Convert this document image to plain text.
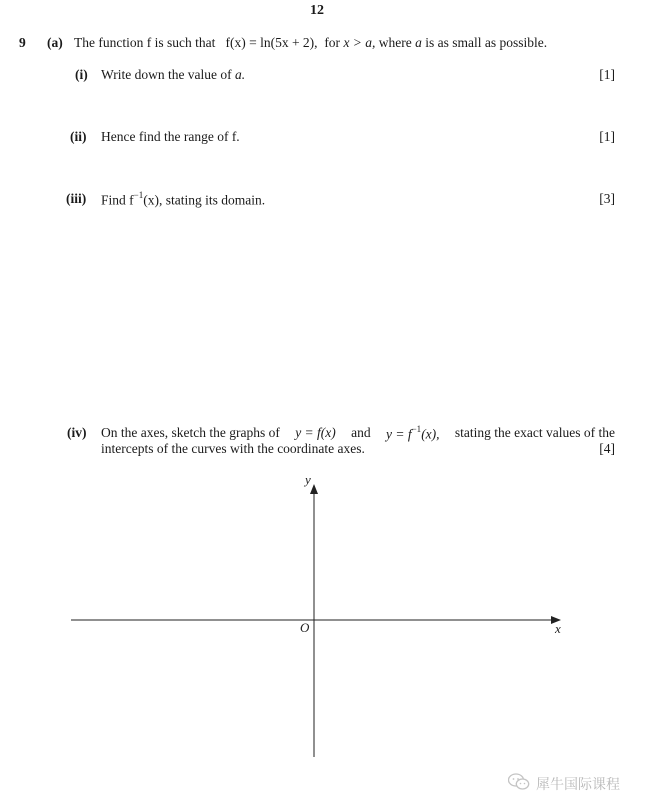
12
9 (a) The function f is such that f(x) = ln(5x + 2), for x > a, where a is as small as possible.
(i) Write down the value of a.	[1]
(ii) Hence find the range of f.	[1]
(iii) Find $f^{-1}(x)$, stating its domain.	[3]
(iv) On the axes, sketch the graphs of y = f(x) and $y = f^{-1}(x)$, stating the exact values of the
intercepts of the curves with the coordinate axes.	[4]
y
x
O
犀牛国际课程
